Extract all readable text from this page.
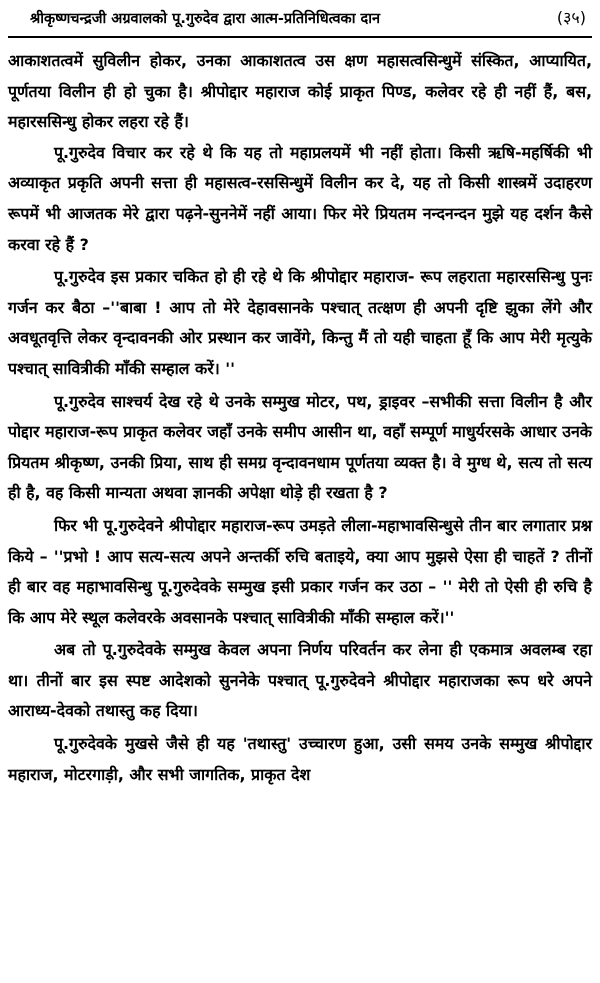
श्रीकृष्णचन्द्रजी अग्रवालको पू.गुरुदेव द्वारा आत्म-प्रतिनिधित्वका दान	(३५)

आकाशतत्वमें सुविलीन होकर, उनका आकाशतत्व उस क्षण महासत्वसिन्धुमें संस्कित, आप्यायित, पूर्णतया विलीन ही हो चुका है। श्रीपोद्दार महाराज कोई प्राकृत पिण्ड, कलेवर रहे ही नहीं हैं, बस, महारससिन्धु होकर लहरा रहे हैं।

पू.गुरुदेव विचार कर रहे थे कि यह तो महाप्रलयमें भी नहीं होता। किसी ऋषि-महर्षिकी भी अव्याकृत प्रकृति अपनी सत्ता ही महासत्व-रससिन्धुमें विलीन कर दे, यह तो किसी शास्त्रमें उदाहरण रूपमें भी आजतक मेरे द्वारा पढ़ने-सुननेमें नहीं आया। फिर मेरे प्रियतम नन्दनन्दन मुझे यह दर्शन कैसे करवा रहे हैं ?

पू.गुरुदेव इस प्रकार चकित हो ही रहे थे कि श्रीपोद्दार महाराज- रूप लहराता महारससिन्धु पुनः गर्जन कर बैठा –''बाबा ! आप तो मेरे देहावसानके पश्चात् तत्क्षण ही अपनी दृष्टि झुका लेंगे और अवधूतवृत्ति लेकर वृन्दावनकी ओर प्रस्थान कर जावेंगे, किन्तु मैं तो यही चाहता हूँ कि आप मेरी मृत्युके पश्चात् सावित्रीकी माँकी सम्हाल करें। ''

पू.गुरुदेव साश्चर्य देख रहे थे उनके सम्मुख मोटर, पथ, ड्राइवर –सभीकी सत्ता विलीन है और पोद्दार महाराज-रूप प्राकृत कलेवर जहाँ उनके समीप आसीन था, वहाँ सम्पूर्ण माधुर्यरसके आधार उनके प्रियतम श्रीकृष्ण, उनकी प्रिया, साथ ही समग्र वृन्दावनधाम पूर्णतया व्यक्त है। वे मुग्ध थे, सत्य तो सत्य ही है, वह किसी मान्यता अथवा ज्ञानकी अपेक्षा थोड़े ही रखता है ?

फिर भी पू.गुरुदेवने श्रीपोद्दार महाराज-रूप उमड़ते लीला-महाभावसिन्धुसे तीन बार लगातार प्रश्न किये – ''प्रभो ! आप सत्य-सत्य अपने अन्तर्की रुचि बताइये, क्या आप मुझसे ऐसा ही चाहतें ? तीनों ही बार वह महाभावसिन्धु पू.गुरुदेवके सम्मुख इसी प्रकार गर्जन कर उठा – '' मेरी तो ऐसी ही रुचि है कि आप मेरे स्थूल कलेवरके अवसानके पश्चात् सावित्रीकी माँकी सम्हाल करें।''

अब तो पू.गुरुदेवके सम्मुख केवल अपना निर्णय परिवर्तन कर लेना ही एकमात्र अवलम्ब रहा था। तीनों बार इस स्पष्ट आदेशको सुननेके पश्चात् पू.गुरुदेवने श्रीपोद्दार महाराजका रूप धरे अपने आराध्य-देवको तथास्तु कह दिया।

पू.गुरुदेवके मुखसे जैसे ही यह 'तथास्तु' उच्चारण हुआ, उसी समय उनके सम्मुख श्रीपोद्दार महाराज, मोटरगाड़ी, और सभी जागतिक, प्राकृत देश
